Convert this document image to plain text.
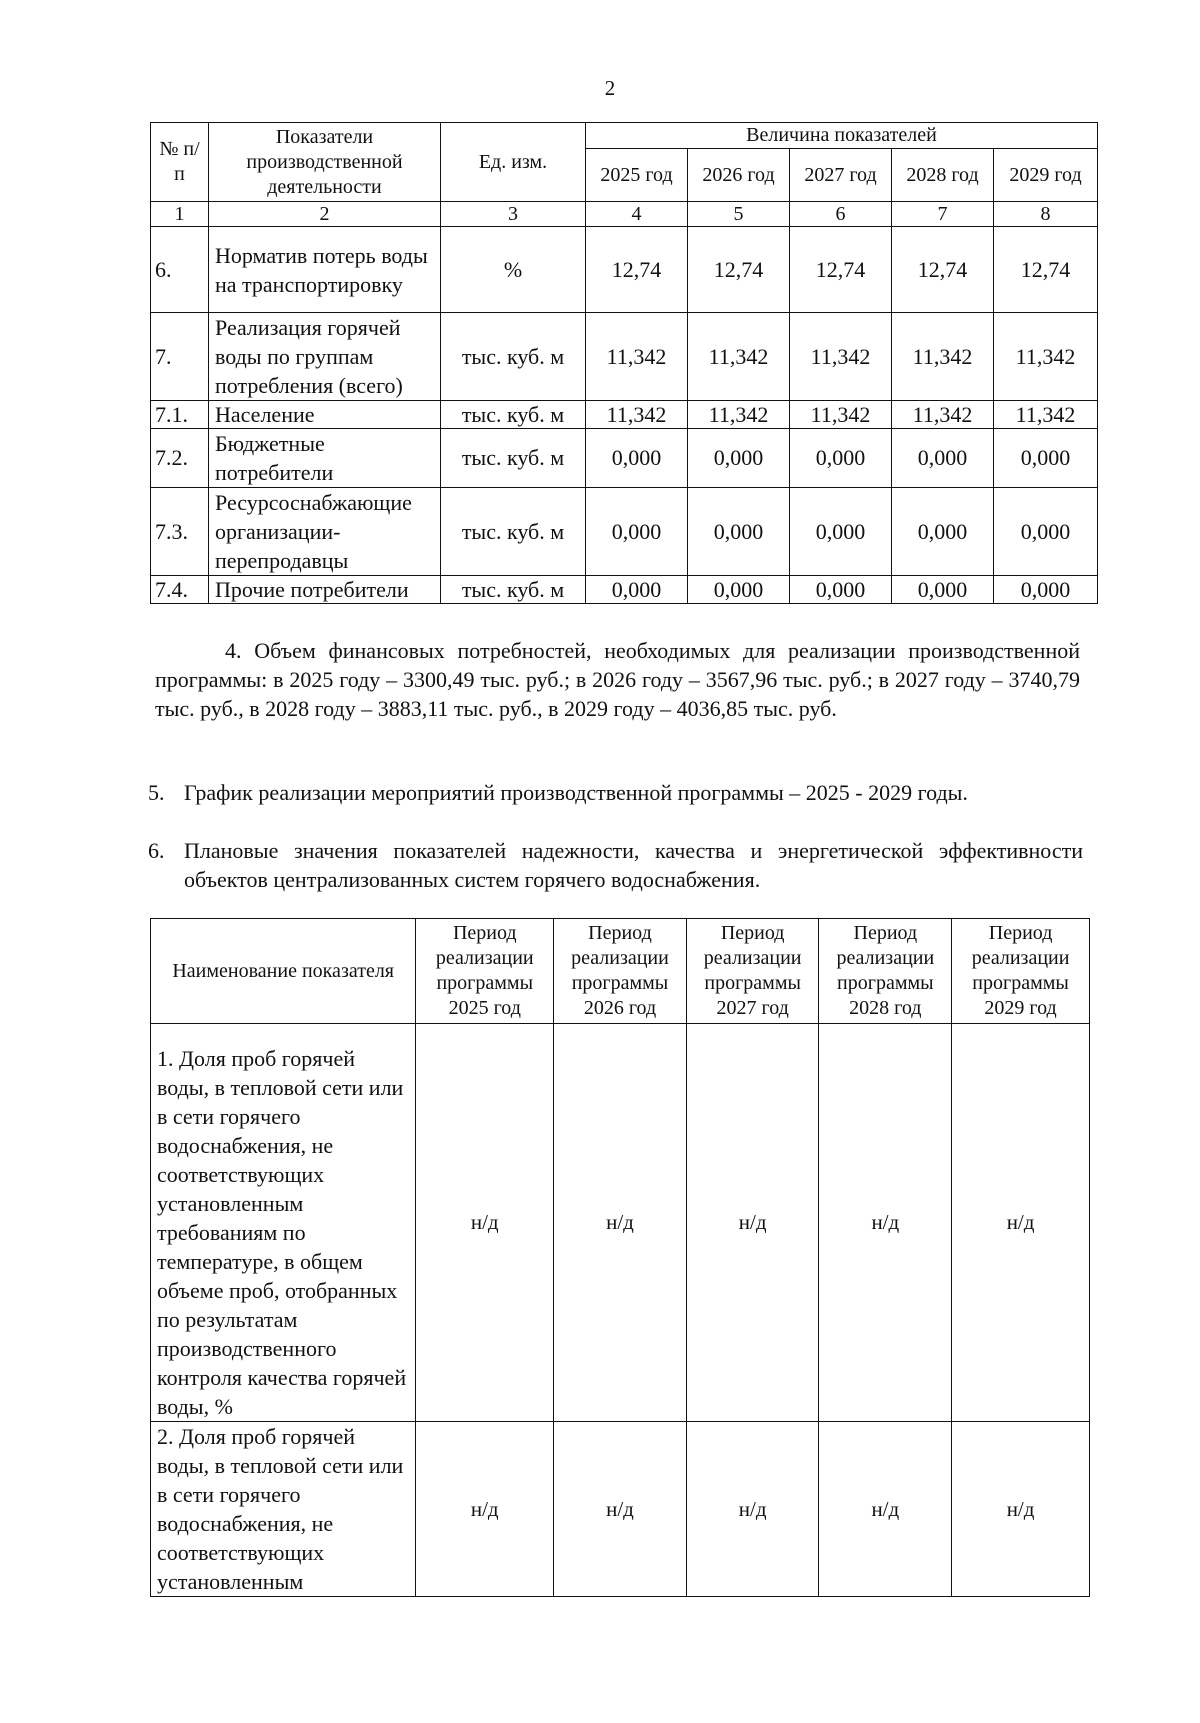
2
№ п/п	Показатели производственной деятельности	Ед. изм.	Величина показателей				
			2025 год	2026 год	2027 год	2028 год	2029 год
1	2	3	4	5	6	7	8
6.	Норматив потерь воды на транспортировку	%	12,74	12,74	12,74	12,74	12,74
7.	Реализация горячей воды по группам потребления (всего)	тыс. куб. м	11,342	11,342	11,342	11,342	11,342
7.1.	Население	тыс. куб. м	11,342	11,342	11,342	11,342	11,342
7.2.	Бюджетные потребители	тыс. куб. м	0,000	0,000	0,000	0,000	0,000
7.3.	Ресурсоснабжающие организации-перепродавцы	тыс. куб. м	0,000	0,000	0,000	0,000	0,000
7.4.	Прочие потребители	тыс. куб. м	0,000	0,000	0,000	0,000	0,000

4. Объем финансовых потребностей, необходимых для реализации производственной программы: в 2025 году – 3300,49 тыс. руб.; в 2026 году – 3567,96 тыс. руб.; в 2027 году – 3740,79 тыс. руб., в 2028 году – 3883,11 тыс. руб., в 2029 году – 4036,85 тыс. руб.

5. График реализации мероприятий производственной программы – 2025 - 2029 годы.

6. Плановые значения показателей надежности, качества и энергетической эффективности объектов централизованных систем горячего водоснабжения.

Наименование показателя	Период реализации программы 2025 год	Период реализации программы 2026 год	Период реализации программы 2027 год	Период реализации программы 2028 год	Период реализации программы 2029 год
1. Доля проб горячей воды, в тепловой сети или в сети горячего водоснабжения, не соответствующих установленным требованиям по температуре, в общем объеме проб, отобранных по результатам производственного контроля качества горячей воды, %	н/д	н/д	н/д	н/д	н/д
2. Доля проб горячей воды, в тепловой сети или в сети горячего водоснабжения, не соответствующих установленным	н/д	н/д	н/д	н/д	н/д
